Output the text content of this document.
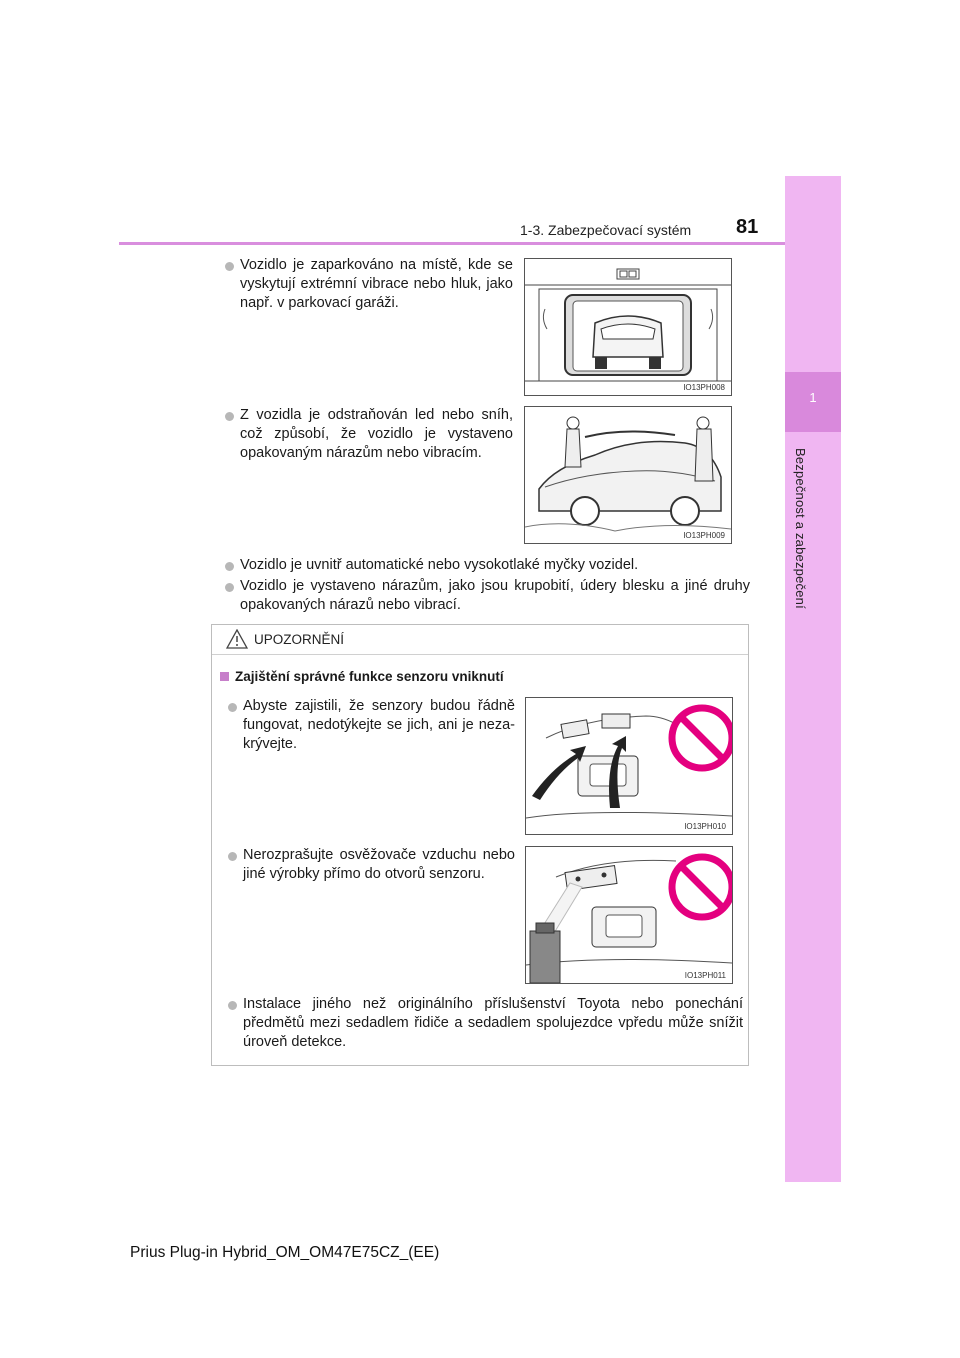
1
Bezpečnost a zabezpečení
1-3. Zabezpečovací systém 81
Vozidlo je zaparkováno na místě, kde se vyskytují extrémní vibrace nebo hluk, jako např. v parkovací garáži.
IO13PH008
Z vozidla je odstraňován led nebo sníh, což způsobí, že vozidlo je vystaveno opakovaným nárazům nebo vibracím.
IO13PH009
Vozidlo je uvnitř automatické nebo vysokotlaké myčky vozidel.
Vozidlo je vystaveno nárazům, jako jsou krupobití, údery blesku a jiné druhy opakovaných nárazů nebo vibrací.
UPOZORNĚNÍ
Zajištění správné funkce senzoru vniknutí
Abyste zajistili, že senzory budou řádně fungovat, nedotýkejte se jich, ani je neza-krývejte.
IO13PH010
Nerozprašujte osvěžovače vzduchu nebo jiné výrobky přímo do otvorů senzoru.
IO13PH011
Instalace jiného než originálního příslušenství Toyota nebo ponechání předmětů mezi sedadlem řidiče a sedadlem spolujezdce vpředu může snížit úroveň detekce.
Prius Plug-in Hybrid_OM_OM47E75CZ_(EE)
